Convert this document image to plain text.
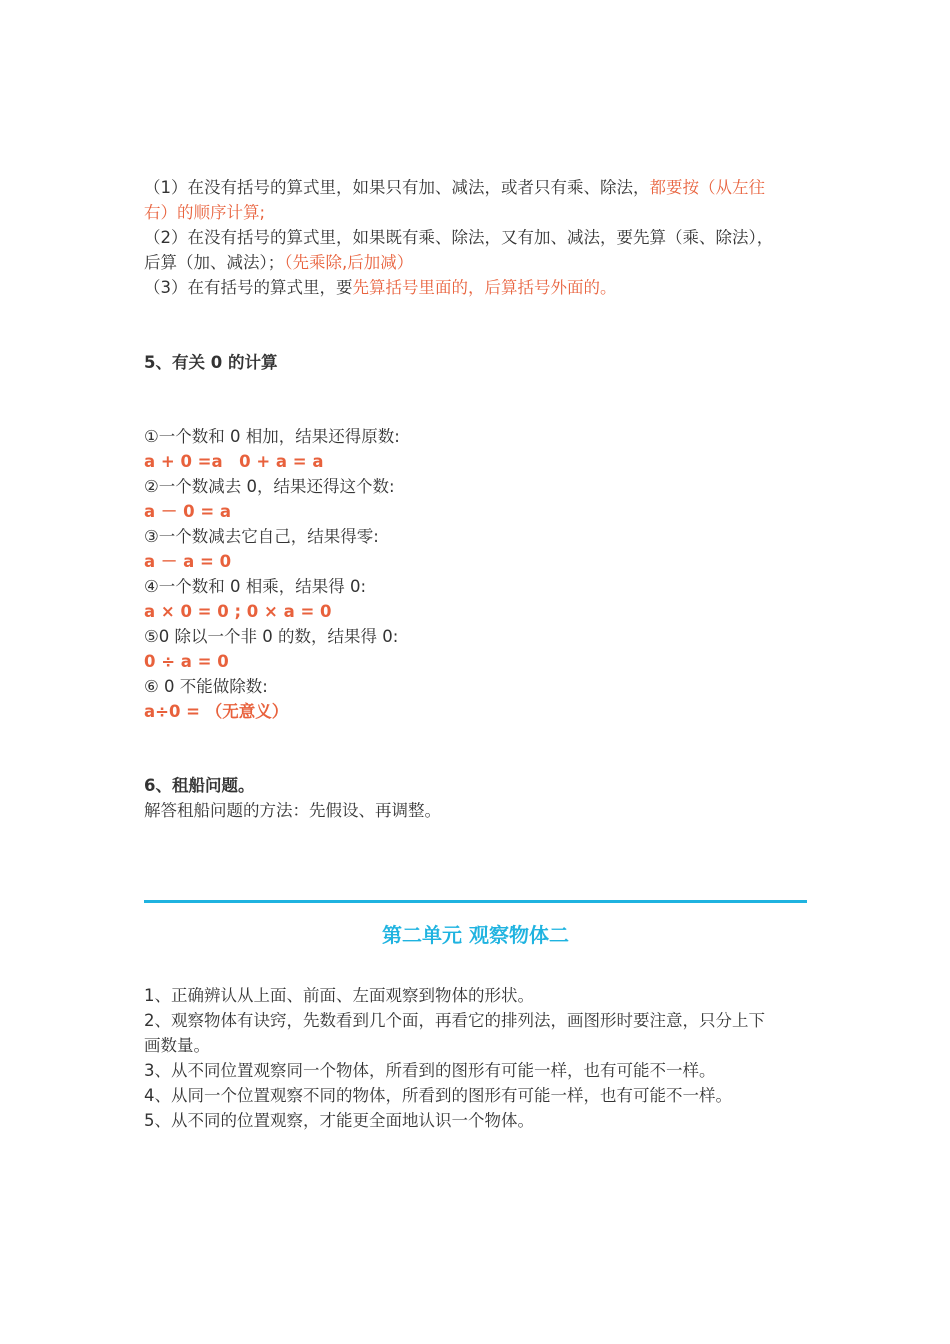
（1）在没有括号的算式里，如果只有加、减法，或者只有乘、除法，都要按（从左往
右）的顺序计算;
（2）在没有括号的算式里，如果既有乘、除法，又有加、减法，要先算（乘、除法），
后算（加、减法）；（先乘除,后加减）
（3）在有括号的算式里，要先算括号里面的，后算括号外面的。
5、有关 0 的计算
①一个数和 0 相加，结果还得原数:
a + 0 =a　0 + a = a
②一个数减去 0，结果还得这个数:
a － 0 = a
③一个数减去它自己，结果得零:
a － a = 0
④一个数和 0 相乘，结果得 0:
a × 0 = 0 ; 0 × a = 0
⑤0 除以一个非 0 的数，结果得 0:
0 ÷ a = 0
⑥ 0 不能做除数:
a÷0 = （无意义）
6、租船问题。
解答租船问题的方法：先假设、再调整。
第二单元 观察物体二
1、正确辨认从上面、前面、左面观察到物体的形状。
2、观察物体有诀窍，先数看到几个面，再看它的排列法，画图形时要注意，只分上下
画数量。
3、从不同位置观察同一个物体，所看到的图形有可能一样，也有可能不一样。
4、从同一个位置观察不同的物体，所看到的图形有可能一样，也有可能不一样。
5、从不同的位置观察，才能更全面地认识一个物体。
